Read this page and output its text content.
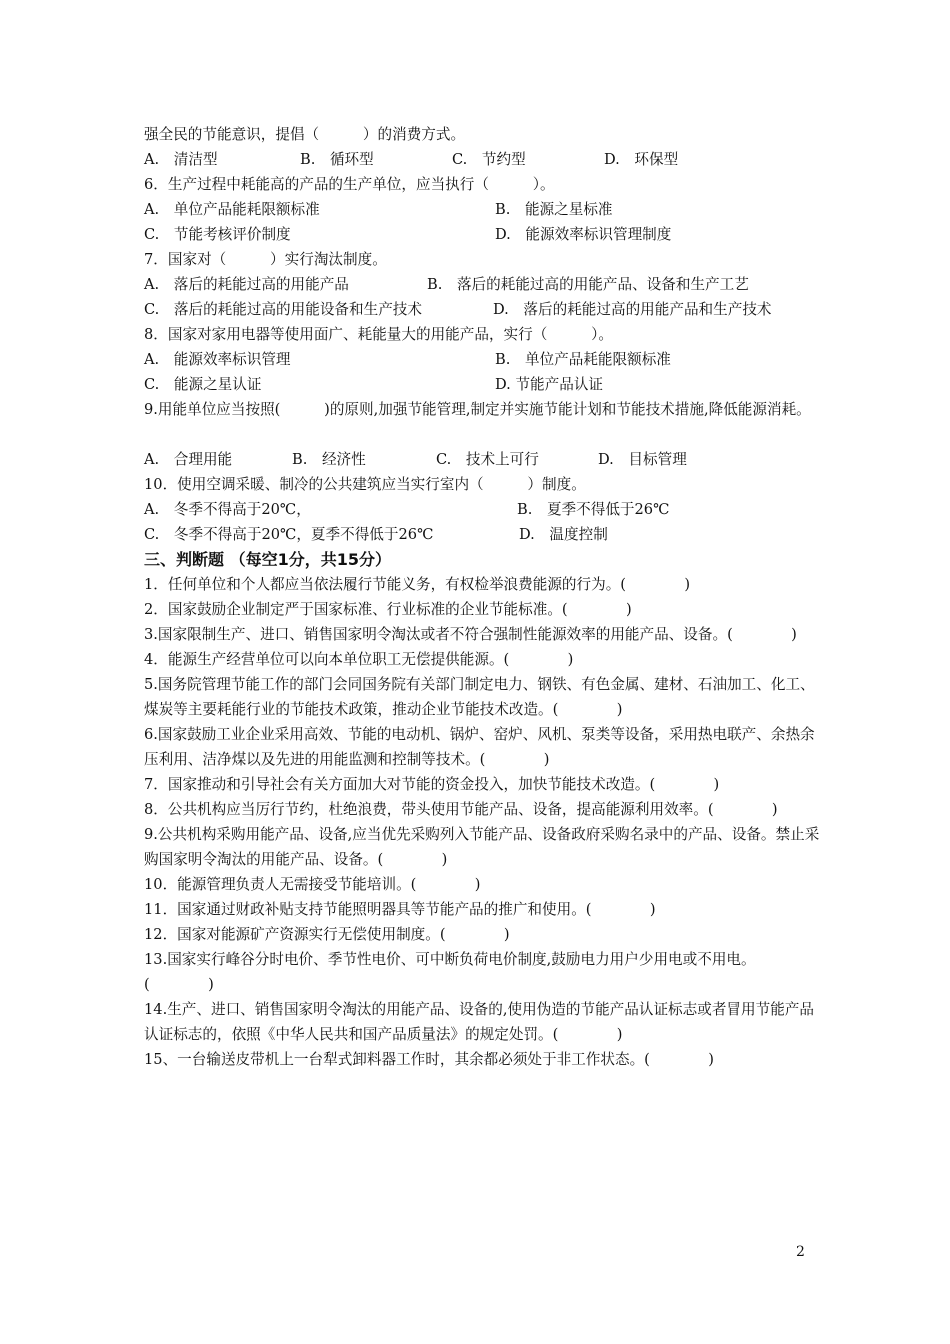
强全民的节能意识，提倡（　　　）的消费方式。
A.　清洁型	B.　循环型	C.　节约型	D.　环保型
6．生产过程中耗能高的产品的生产单位，应当执行（　　　）。
A.　单位产品能耗限额标准	B.　能源之星标准
C.　节能考核评价制度	D.　能源效率标识管理制度
7．国家对（　　　）实行淘汰制度。
A.　落后的耗能过高的用能产品	B.　落后的耗能过高的用能产品、设备和生产工艺
C.　落后的耗能过高的用能设备和生产技术	D.　落后的耗能过高的用能产品和生产技术
8．国家对家用电器等使用面广、耗能量大的用能产品，实行（　　　）。
A.　能源效率标识管理	B.　单位产品耗能限额标准
C.　能源之星认证	D. 节能产品认证
9.用能单位应当按照(　　　)的原则,加强节能管理,制定并实施节能计划和节能技术措施,降低能源消耗。
A.　合理用能	B.　经济性	C.　技术上可行	D.　目标管理
10．使用空调采暖、制冷的公共建筑应当实行室内（　　　）制度。
A.　冬季不得高于20℃，	B.　夏季不得低于26℃
C.　冬季不得高于20℃，夏季不得低于26℃	D.　温度控制
三、判断题 （每空1分，共15分）
1．任何单位和个人都应当依法履行节能义务，有权检举浪费能源的行为。(　　　　)
2．国家鼓励企业制定严于国家标准、行业标准的企业节能标准。(　　　　)
3.国家限制生产、进口、销售国家明令淘汰或者不符合强制性能源效率的用能产品、设备。(　　　　)
4．能源生产经营单位可以向本单位职工无偿提供能源。(　　　　)
5.国务院管理节能工作的部门会同国务院有关部门制定电力、钢铁、有色金属、建材、石油加工、化工、煤炭等主要耗能行业的节能技术政策，推动企业节能技术改造。(　　　　)
6.国家鼓励工业企业采用高效、节能的电动机、锅炉、窑炉、风机、泵类等设备，采用热电联产、余热余压利用、洁净煤以及先进的用能监测和控制等技术。(　　　　)
7．国家推动和引导社会有关方面加大对节能的资金投入，加快节能技术改造。(　　　　)
8．公共机构应当厉行节约，杜绝浪费，带头使用节能产品、设备，提高能源利用效率。(　　　　)
9.公共机构采购用能产品、设备,应当优先采购列入节能产品、设备政府采购名录中的产品、设备。禁止采购国家明令淘汰的用能产品、设备。(　　　　)
10．能源管理负责人无需接受节能培训。(　　　　)
11．国家通过财政补贴支持节能照明器具等节能产品的推广和使用。(　　　　)
12．国家对能源矿产资源实行无偿使用制度。(　　　　)
13.国家实行峰谷分时电价、季节性电价、可中断负荷电价制度,鼓励电力用户少用电或不用电。(　　　　)
14.生产、进口、销售国家明令淘汰的用能产品、设备的,使用伪造的节能产品认证标志或者冒用节能产品认证标志的，依照《中华人民共和国产品质量法》的规定处罚。(　　　　)
15、一台输送皮带机上一台犁式卸料器工作时，其余都必须处于非工作状态。(　　　　)
2
